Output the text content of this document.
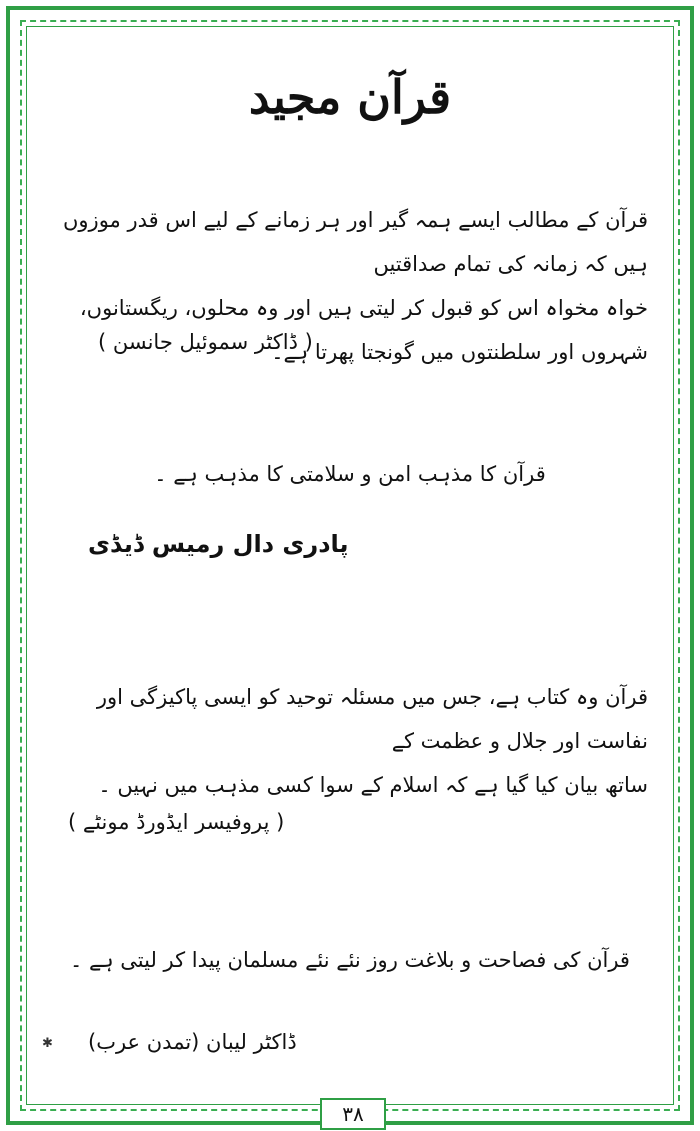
قرآن مجید
قرآن کے مطالب ایسے ہمہ گیر اور ہر زمانے کے لیے اس قدر موزوں ہیں کہ زمانہ کی تمام صداقتیں
خواہ مخواہ اس کو قبول کر لیتی ہیں اور وہ محلوں، ریگستانوں، شہروں اور سلطنتوں میں گونجتا پھرتا ہے۔
( ڈاکٹر سموئیل جانسن )
قرآن کا مذہب امن و سلامتی کا مذہب ہے ۔
پادری دال رمیس ڈیڈی
قرآن وہ کتاب ہے، جس میں مسئلہ توحید کو ایسی پاکیزگی اور نفاست اور جلال و عظمت کے
ساتھ بیان کیا گیا ہے کہ اسلام کے سوا کسی مذہب میں نہیں ۔
( پروفیسر ایڈورڈ مونٹے )
قرآن کی فصاحت و بلاغت روز نئے نئے مسلمان پیدا کر لیتی ہے ۔
ڈاکٹر لیبان (تمدن عرب)
✱
۳۸
